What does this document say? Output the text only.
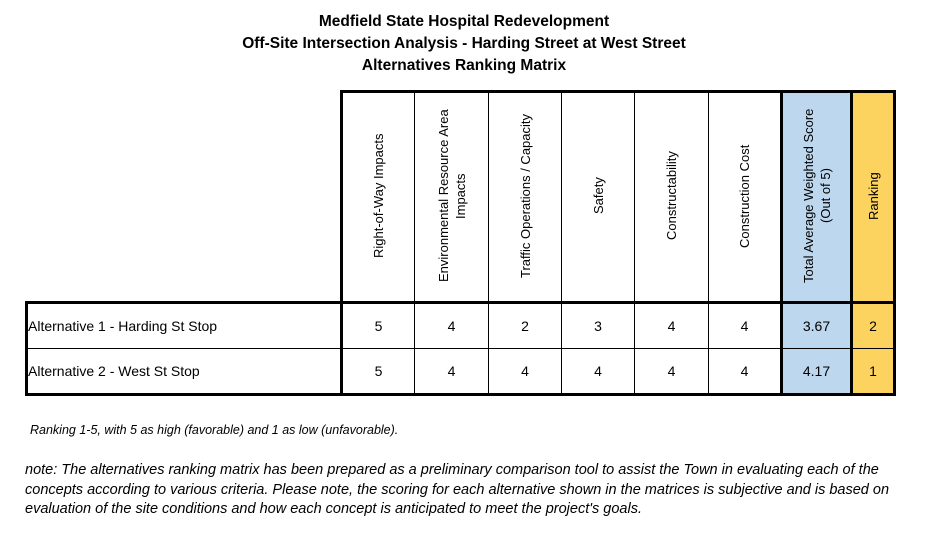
Medfield State Hospital Redevelopment
Off-Site Intersection Analysis - Harding Street at West Street
Alternatives Ranking Matrix
	Right-of-Way Impacts	Environmental Resource Area Impacts	Traffic Operations / Capacity	Safety	Constructability	Construction Cost	Total Average Weighted Score (Out of 5)	Ranking
Alternative 1 - Harding St Stop	5	4	2	3	4	4	3.67	2
Alternative 2 - West St Stop	5	4	4	4	4	4	4.17	1
Ranking 1-5, with 5 as high (favorable) and 1 as low (unfavorable).
note: The alternatives ranking matrix has been prepared as a preliminary comparison tool to assist the Town in evaluating each of the concepts according to various criteria. Please note, the scoring for each alternative shown in the matrices is subjective and is based on evaluation of the site conditions and how each concept is anticipated to meet the project's goals.
